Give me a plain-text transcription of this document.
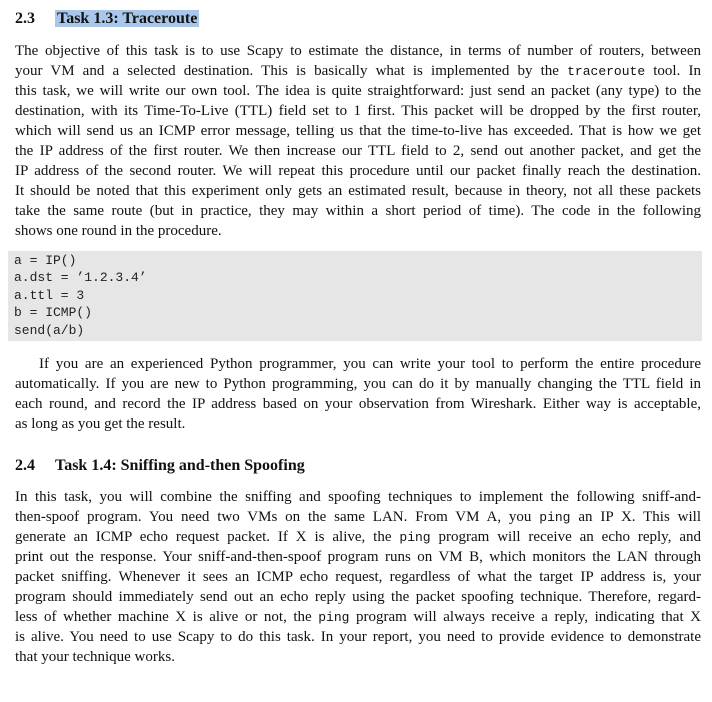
2.3 Task 1.3: Traceroute
The objective of this task is to use Scapy to estimate the distance, in terms of number of routers, between
your VM and a selected destination. This is basically what is implemented by the traceroute tool. In
this task, we will write our own tool. The idea is quite straightforward: just send an packet (any type) to the
destination, with its Time-To-Live (TTL) field set to 1 first. This packet will be dropped by the first router,
which will send us an ICMP error message, telling us that the time-to-live has exceeded. That is how we get
the IP address of the first router. We then increase our TTL field to 2, send out another packet, and get the
IP address of the second router. We will repeat this procedure until our packet finally reach the destination.
It should be noted that this experiment only gets an estimated result, because in theory, not all these packets
take the same route (but in practice, they may within a short period of time). The code in the following
shows one round in the procedure.
a = IP()
a.dst = ’1.2.3.4’
a.ttl = 3
b = ICMP()
send(a/b)
If you are an experienced Python programmer, you can write your tool to perform the entire procedure
automatically. If you are new to Python programming, you can do it by manually changing the TTL field in
each round, and record the IP address based on your observation from Wireshark. Either way is acceptable,
as long as you get the result.
2.4 Task 1.4: Sniffing and-then Spoofing
In this task, you will combine the sniffing and spoofing techniques to implement the following sniff-and-
then-spoof program. You need two VMs on the same LAN. From VM A, you ping an IP X. This will
generate an ICMP echo request packet. If X is alive, the ping program will receive an echo reply, and
print out the response. Your sniff-and-then-spoof program runs on VM B, which monitors the LAN through
packet sniffing. Whenever it sees an ICMP echo request, regardless of what the target IP address is, your
program should immediately send out an echo reply using the packet spoofing technique. Therefore, regard-
less of whether machine X is alive or not, the ping program will always receive a reply, indicating that X
is alive. You need to use Scapy to do this task. In your report, you need to provide evidence to demonstrate
that your technique works.
